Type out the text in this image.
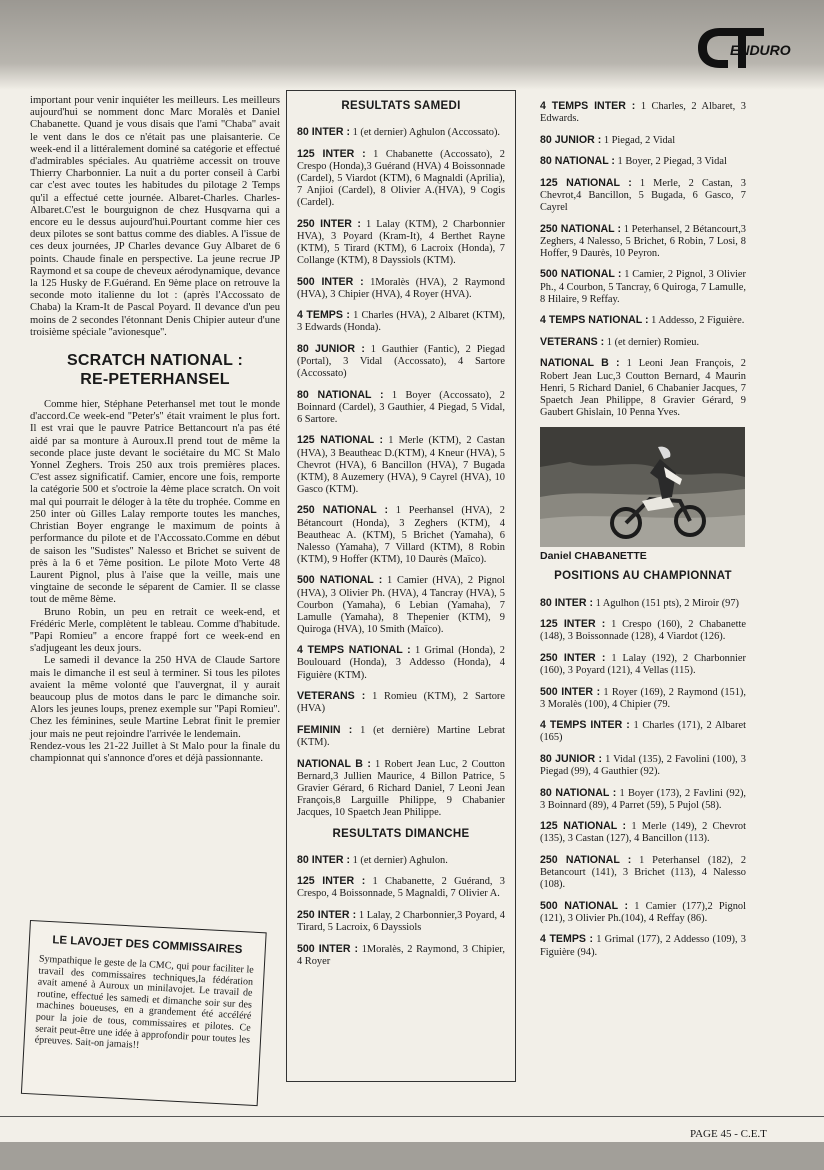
ENDURO

important pour venir inquiéter les meilleurs. Les meilleurs aujourd'hui se nomment donc Marc Moralès et Daniel Chabanette. Quand je vous disais que l'ami ''Chaba'' avait le vent dans le dos ce n'était pas une plaisanterie. Ce week-end il a littéralement dominé sa catégorie et effectué d'admirables spéciales. Au quatrième accessit on trouve Thierry Charbonnier. La nuit a du porter conseil à Carbi car c'est avec toutes les habitudes du pilotage 2 Temps qu'il a effectué cette journée. Albaret-Charles. Charles-Albaret.C'est le bourguignon de chez Husqvarna qui a encore eu le dessus aujourd'hui.Pourtant comme hier ces deux pilotes se sont battus comme des diables. A l'issue de ces deux journées, JP Charles devance Guy Albaret de 6 points. Chaude finale en perspective. La jeune recrue JP Raymond et sa coupe de cheveux aérodynamique, devance la 125 Husky de F.Guérand. En 9ème place on retrouve la seconde moto italienne du lot : (après l'Accossato de Chaba) la Kram-It de Pascal Poyard. Il devance d'un peu moins de 2 secondes l'étonnant Denis Chipier auteur d'une troisième spéciale ''avionesque''.

SCRATCH NATIONAL :
RE-PETERHANSEL

Comme hier, Stéphane Peterhansel met tout le monde d'accord.Ce week-end ''Peter's'' était vraiment le plus fort. Il est vrai que le pauvre Patrice Bettancourt n'a pas été aidé par sa monture à Auroux.Il prend tout de même la seconde place juste devant le sociétaire du MC St Malo Yonnel Zeghers. Trois 250 aux trois premières places. C'est assez significatif. Camier, encore une fois, remporte la catégorie 500 et s'octroie la 4ème place scratch. On voit mal qui pourrait le déloger à la tête du trophée. Comme en 250 inter où Gilles Lalay remporte toutes les manches, Christian Boyer engrange le maximum de points à performance du pilote et de l'Accossato.Comme en début de saison les ''Sudistes'' Nalesso et Brichet se suivent de près à la 6 et 7ème position. Le pilote Moto Verte 48 Laurent Pignol, plus à l'aise que la veille, mais une vingtaine de seconde le séparent de Camier. Il se classe tout de même 8ème.

Bruno Robin, un peu en retrait ce week-end, et Frédéric Merle, complètent le tableau. Comme d'habitude. ''Papi Romieu'' a encore frappé fort ce week-end en s'adjugeant les deux jours.

Le samedi il devance la 250 HVA de Claude Sartore mais le dimanche il est seul à terminer. Si tous les pilotes avaient la même volonté que l'auvergnat, il y aurait beaucoup plus de motos dans le parc le dimanche soir. Alors les jeunes loups, prenez exemple sur ''Papi Romieu''. Chez les féminines, seule Martine Lebrat finit le premier jour mais ne peut rejoindre l'arrivée le lendemain.

Rendez-vous les 21-22 Juillet à St Malo pour la finale du championnat qui s'annonce d'ores et déjà passionnante.

LE LAVOJET DES COMMISSAIRES

Sympathique le geste de la CMC, qui pour faciliter le travail des commissaires techniques,la fédération avait amené à Auroux un minilavojet. Le travail de routine, effectué les samedi et dimanche soir sur des machines boueuses, en a grandement été accéléré pour la joie de tous, commissaires et pilotes. Ce serait peut-être une idée à approfondir pour toutes les épreuves. Sait-on jamais!!

RESULTATS SAMEDI
80 INTER : 1 (et dernier) Aghulon (Accossato).
125 INTER : 1 Chabanette (Accossato), 2 Crespo (Honda),3 Guérand (HVA) 4 Boissonnade (Cardel), 5 Viardot (KTM), 6 Magnaldi (Aprilia), 7 Anjioi (Cardel), 8 Olivier A.(HVA), 9 Cogis (Cardel).
250 INTER : 1 Lalay (KTM), 2 Charbonnier HVA), 3 Poyard (Kram-It), 4 Berthet Rayne (KTM), 5 Tirard (KTM), 6 Lacroix (Honda), 7 Collange (KTM), 8 Dayssiols (KTM).
500 INTER : 1Moralès (HVA), 2 Raymond (HVA), 3 Chipier (HVA), 4 Royer (HVA).
4 TEMPS : 1 Charles (HVA), 2 Albaret (KTM), 3 Edwards (Honda).
80 JUNIOR : 1 Gauthier (Fantic), 2 Piegad (Portal), 3 Vidal (Accossato), 4 Sartore (Accossato)
80 NATIONAL : 1 Boyer (Accossato), 2 Boinnard (Cardel), 3 Gauthier, 4 Piegad, 5 Vidal, 6 Sartore.
125 NATIONAL : 1 Merle (KTM), 2 Castan (HVA), 3 Beautheac D.(KTM), 4 Kneur (HVA), 5 Chevrot (HVA), 6 Bancillon (HVA), 7 Bugada (KTM), 8 Auzemery (HVA), 9 Cayrel (HVA), 10 Gasco (KTM).
250 NATIONAL : 1 Peerhansel (HVA), 2 Bétancourt (Honda), 3 Zeghers (KTM), 4 Beautheac A. (KTM), 5 Brichet (Yamaha), 6 Nalesso (Yamaha), 7 Villard (KTM), 8 Robin (KTM), 9 Hoffer (KTM), 10 Daurès (Maïco).
500 NATIONAL : 1 Camier (HVA), 2 Pignol (HVA), 3 Olivier Ph. (HVA), 4 Tancray (HVA), 5 Courbon (Yamaha), 6 Lebian (Yamaha), 7 Lamulle (Yamaha), 8 Thepenier (KTM), 9 Quiroga (HVA), 10 Smith (Maïco).
4 TEMPS NATIONAL : 1 Grimal (Honda), 2 Boulouard (Honda), 3 Addesso (Honda), 4 Figuière (KTM).
VETERANS : 1 Romieu (KTM), 2 Sartore (HVA)
FEMININ : 1 (et dernière) Martine Lebrat (KTM).
NATIONAL B : 1 Robert Jean Luc, 2 Coutton Bernard,3 Jullien Maurice, 4 Billon Patrice, 5 Gravier Gérard, 6 Richard Daniel, 7 Leoni Jean François,8 Larguille Philippe, 9 Chabanier Jacques, 10 Spaetch Jean Philippe.
RESULTATS DIMANCHE
80 INTER : 1 (et dernier) Aghulon.
125 INTER : 1 Chabanette, 2 Guérand, 3 Crespo, 4 Boissonnade, 5 Magnaldi, 7 Olivier A.
250 INTER : 1 Lalay, 2 Charbonnier,3 Poyard, 4 Tirard, 5 Lacroix, 6 Dayssiols
500 INTER : 1Moralès, 2 Raymond, 3 Chipier, 4 Royer
4 TEMPS INTER : 1 Charles, 2 Albaret, 3 Edwards.
80 JUNIOR : 1 Piegad, 2 Vidal
80 NATIONAL : 1 Boyer, 2 Piegad, 3 Vidal
125 NATIONAL : 1 Merle, 2 Castan, 3 Chevrot,4 Bancillon, 5 Bugada, 6 Gasco, 7 Cayrel
250 NATIONAL : 1 Peterhansel, 2 Bétancourt,3 Zeghers, 4 Nalesso, 5 Brichet, 6 Robin, 7 Losi, 8 Hoffer, 9 Daurès, 10 Peyron.
500 NATIONAL : 1 Camier, 2 Pignol, 3 Olivier Ph., 4 Courbon, 5 Tancray, 6 Quiroga, 7 Lamulle, 8 Hilaire, 9 Reffay.
4 TEMPS NATIONAL : 1 Addesso, 2 Figuière.
VETERANS : 1 (et dernier) Romieu.
NATIONAL B : 1 Leoni Jean François, 2 Robert Jean Luc,3 Coutton Bernard, 4 Maurin Henri, 5 Richard Daniel, 6 Chabanier Jacques, 7 Spaetch Jean Philippe, 8 Gravier Gérard, 9 Gaubert Ghislain, 10 Penna Yves.
Daniel CHABANETTE
POSITIONS AU CHAMPIONNAT
80 INTER : 1 Agulhon (151 pts), 2 Miroir (97)
125 INTER : 1 Crespo (160), 2 Chabanette (148), 3 Boissonnade (128), 4 Viardot (126).
250 INTER : 1 Lalay (192), 2 Charbonnier (160), 3 Poyard (121), 4 Vellas (115).
500 INTER : 1 Royer (169), 2 Raymond (151), 3 Moralès (100), 4 Chipier (79.
4 TEMPS INTER : 1 Charles (171), 2 Albaret (165)
80 JUNIOR : 1 Vidal (135), 2 Favolini (100), 3 Piegad (99), 4 Gauthier (92).
80 NATIONAL : 1 Boyer (173), 2 Favlini (92), 3 Boinnard (89), 4 Parret (59), 5 Pujol (58).
125 NATIONAL : 1 Merle (149), 2 Chevrot (135), 3 Castan (127), 4 Bancillon (113).
250 NATIONAL : 1 Peterhansel (182), 2 Betancourt (141), 3 Brichet (113), 4 Nalesso (108).
500 NATIONAL : 1 Camier (177),2 Pignol (121), 3 Olivier Ph.(104), 4 Reffay (86).
4 TEMPS : 1 Grimal (177), 2 Addesso (109), 3 Figuière (94).
PAGE 45 - C.E.T
